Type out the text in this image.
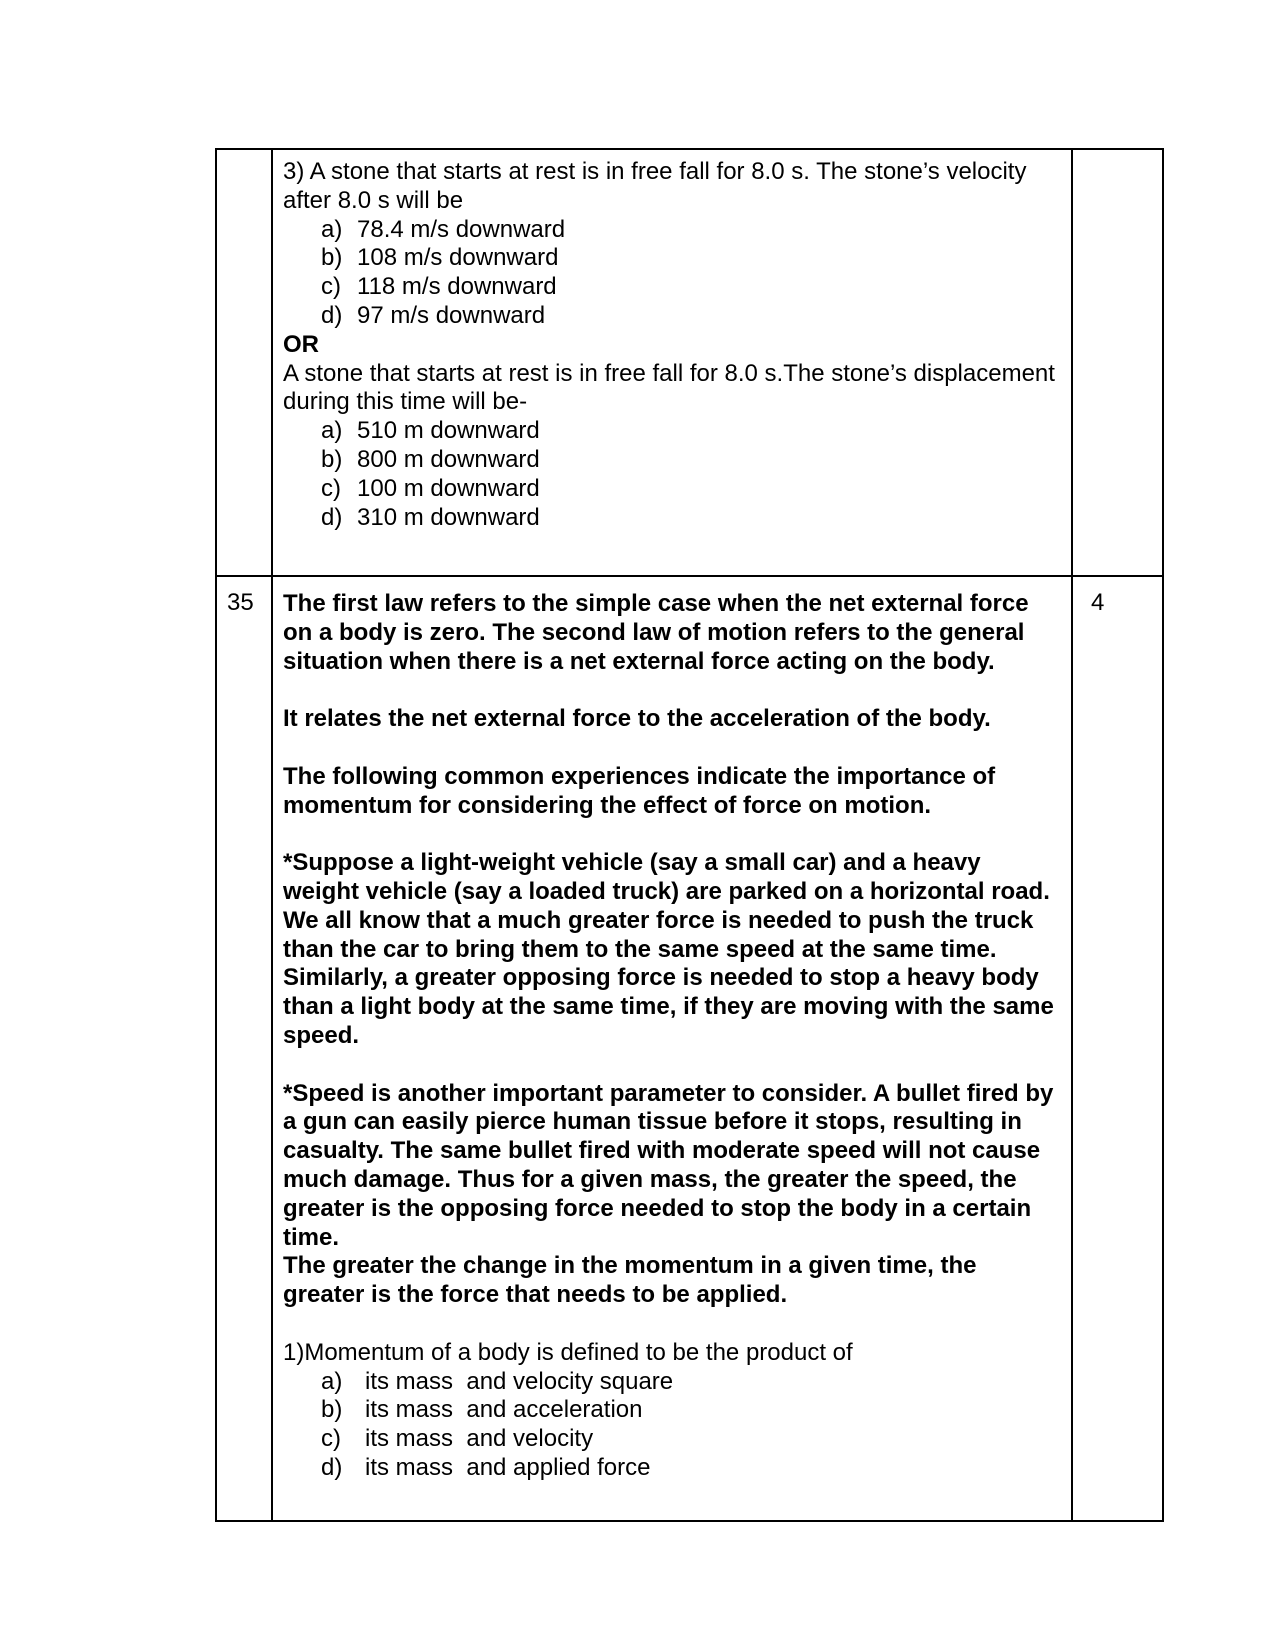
3) A stone that starts at rest is in free fall for 8.0 s. The stone’s velocity after 8.0 s will be

a) 78.4 m/s downward
b) 108 m/s downward
c) 118 m/s downward
d) 97 m/s downward

OR

A stone that starts at rest is in free fall for 8.0 s.The stone’s displacement during this time will be-

a) 510 m downward
b) 800 m downward
c) 100 m downward
d) 310 m downward
35	The first law refers to the simple case when the net external force on a body is zero. The second law of motion refers to the general situation when there is a net external force acting on the body.

It relates the net external force to the acceleration of the body.

The following common experiences indicate the importance of momentum for considering the effect of force on motion.

*Suppose a light-weight vehicle (say a small car) and a heavy weight vehicle (say a loaded truck) are parked on a horizontal road. We all know that a much greater force is needed to push the truck than the car to bring them to the same speed at the same time. Similarly, a greater opposing force is needed to stop a heavy body than a light body at the same time, if they are moving with the same speed.

*Speed is another important parameter to consider. A bullet fired by a gun can easily pierce human tissue before it stops, resulting in casualty. The same bullet fired with moderate speed will not cause much damage. Thus for a given mass, the greater the speed, the greater is the opposing force needed to stop the body in a certain time.

The greater the change in the momentum in a given time, the greater is the force that needs to be applied.

1)Momentum of a body is defined to be the product of

a) its mass  and velocity square
b) its mass  and acceleration
c)	its mass  and velocity
d) its mass  and applied force
4
